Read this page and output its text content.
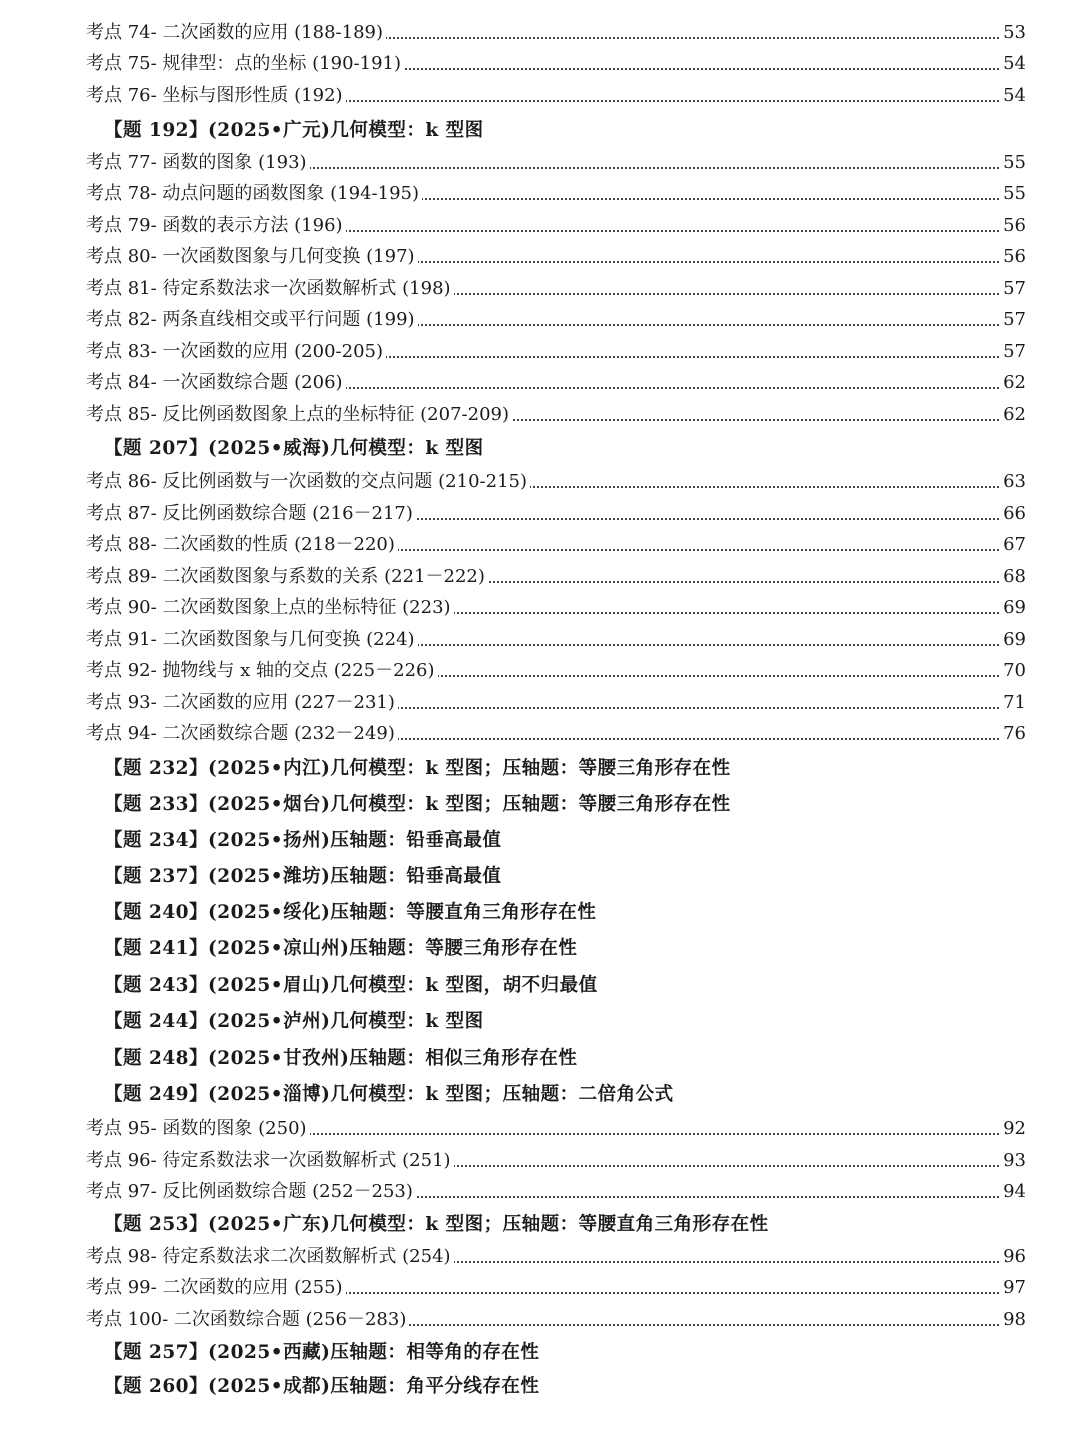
考点 74- 二次函数的应用 (188-189)	53
考点 75- 规律型：点的坐标 (190-191)	54
考点 76- 坐标与图形性质 (192)	54
【题 192】(2025•广元)几何模型：k 型图
考点 77- 函数的图象 (193)	55
考点 78- 动点问题的函数图象 (194-195)	55
考点 79- 函数的表示方法 (196)	56
考点 80- 一次函数图象与几何变换 (197)	56
考点 81- 待定系数法求一次函数解析式 (198)	57
考点 82- 两条直线相交或平行问题 (199)	57
考点 83- 一次函数的应用 (200-205)	57
考点 84- 一次函数综合题 (206)	62
考点 85- 反比例函数图象上点的坐标特征 (207-209)	62
【题 207】(2025•威海)几何模型：k 型图
考点 86- 反比例函数与一次函数的交点问题 (210-215)	63
考点 87- 反比例函数综合题 (216－217)	66
考点 88- 二次函数的性质 (218－220)	67
考点 89- 二次函数图象与系数的关系 (221－222)	68
考点 90- 二次函数图象上点的坐标特征 (223)	69
考点 91- 二次函数图象与几何变换 (224)	69
考点 92- 抛物线与 x 轴的交点 (225－226)	70
考点 93- 二次函数的应用 (227－231)	71
考点 94- 二次函数综合题 (232－249)	76
【题 232】(2025•内江)几何模型：k 型图；压轴题：等腰三角形存在性
【题 233】(2025•烟台)几何模型：k 型图；压轴题：等腰三角形存在性
【题 234】(2025•扬州)压轴题：铅垂高最值
【题 237】(2025•潍坊)压轴题：铅垂高最值
【题 240】(2025•绥化)压轴题：等腰直角三角形存在性
【题 241】(2025•凉山州)压轴题：等腰三角形存在性
【题 243】(2025•眉山)几何模型：k 型图，胡不归最值
【题 244】(2025•泸州)几何模型：k 型图
【题 248】(2025•甘孜州)压轴题：相似三角形存在性
【题 249】(2025•淄博)几何模型：k 型图；压轴题：二倍角公式
考点 95- 函数的图象 (250)	92
考点 96- 待定系数法求一次函数解析式 (251)	93
考点 97- 反比例函数综合题 (252－253)	94
【题 253】(2025•广东)几何模型：k 型图；压轴题：等腰直角三角形存在性
考点 98- 待定系数法求二次函数解析式 (254)	96
考点 99- 二次函数的应用 (255)	97
考点 100- 二次函数综合题 (256－283)	98
【题 257】(2025•西藏)压轴题：相等角的存在性
【题 260】(2025•成都)压轴题：角平分线存在性
